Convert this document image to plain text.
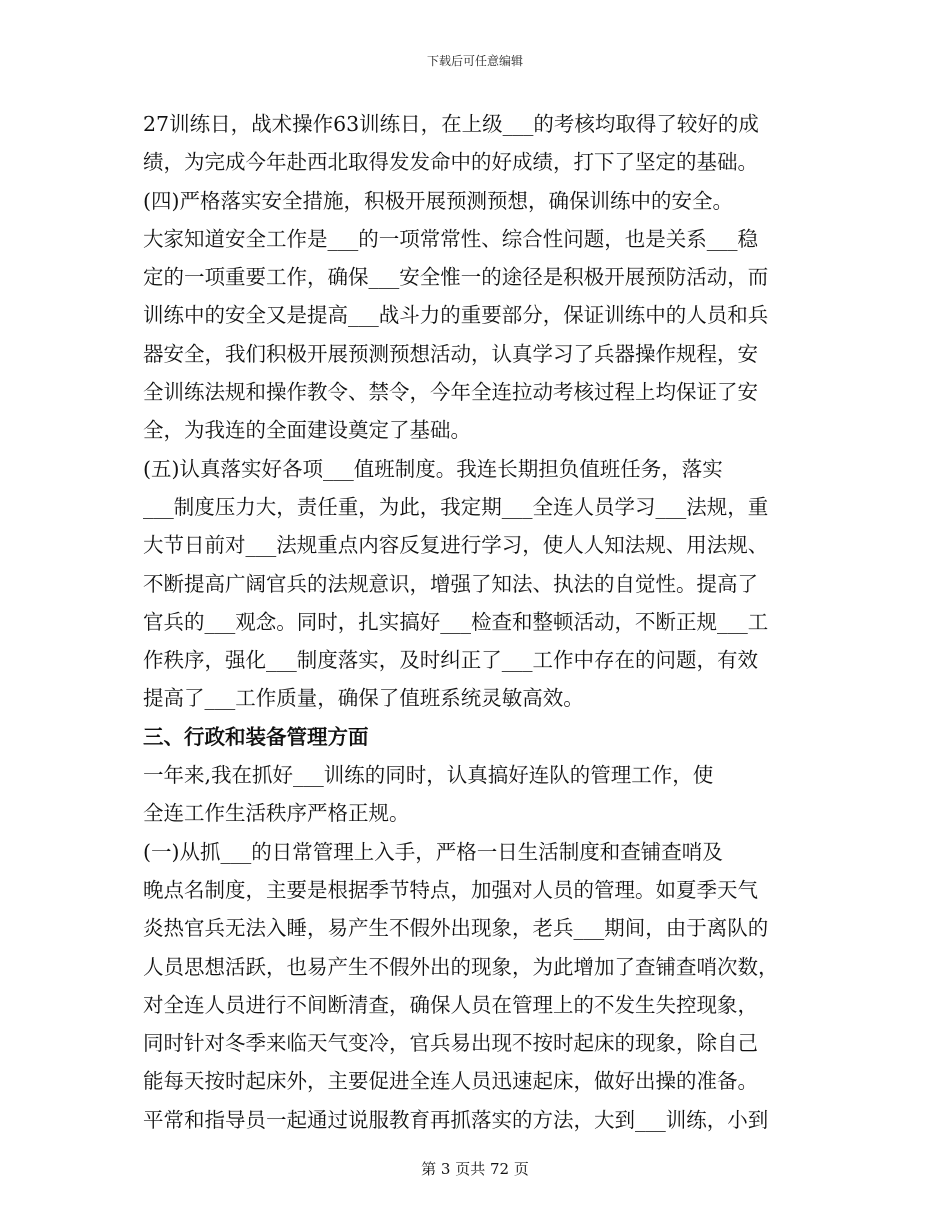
下载后可任意编辑
27训练日，战术操作63训练日，在上级___的考核均取得了较好的成
绩，为完成今年赴西北取得发发命中的好成绩，打下了坚定的基础。
(四)严格落实安全措施，积极开展预测预想，确保训练中的安全。
大家知道安全工作是___的一项常常性、综合性问题，也是关系___稳
定的一项重要工作，确保___安全惟一的途径是积极开展预防活动，而
训练中的安全又是提高___战斗力的重要部分，保证训练中的人员和兵
器安全，我们积极开展预测预想活动，认真学习了兵器操作规程，安
全训练法规和操作教令、禁令，今年全连拉动考核过程上均保证了安
全，为我连的全面建设奠定了基础。
(五)认真落实好各项___值班制度。我连长期担负值班任务，落实
___制度压力大，责任重，为此，我定期___全连人员学习___法规，重
大节日前对___法规重点内容反复进行学习，使人人知法规、用法规、
不断提高广阔官兵的法规意识，增强了知法、执法的自觉性。提高了
官兵的___观念。同时，扎实搞好___检查和整顿活动，不断正规___工
作秩序，强化___制度落实，及时纠正了___工作中存在的问题，有效
提高了___工作质量，确保了值班系统灵敏高效。
三、行政和装备管理方面
一年来,我在抓好___训练的同时，认真搞好连队的管理工作，使
全连工作生活秩序严格正规。
(一)从抓___的日常管理上入手，严格一日生活制度和查铺查哨及
晚点名制度，主要是根据季节特点，加强对人员的管理。如夏季天气
炎热官兵无法入睡，易产生不假外出现象，老兵___期间，由于离队的
人员思想活跃，也易产生不假外出的现象，为此增加了查铺查哨次数，
对全连人员进行不间断清查，确保人员在管理上的不发生失控现象，
同时针对冬季来临天气变冷，官兵易出现不按时起床的现象，除自己
能每天按时起床外，主要促进全连人员迅速起床，做好出操的准备。
平常和指导员一起通过说服教育再抓落实的方法，大到___训练，小到
第 3 页共 72 页
